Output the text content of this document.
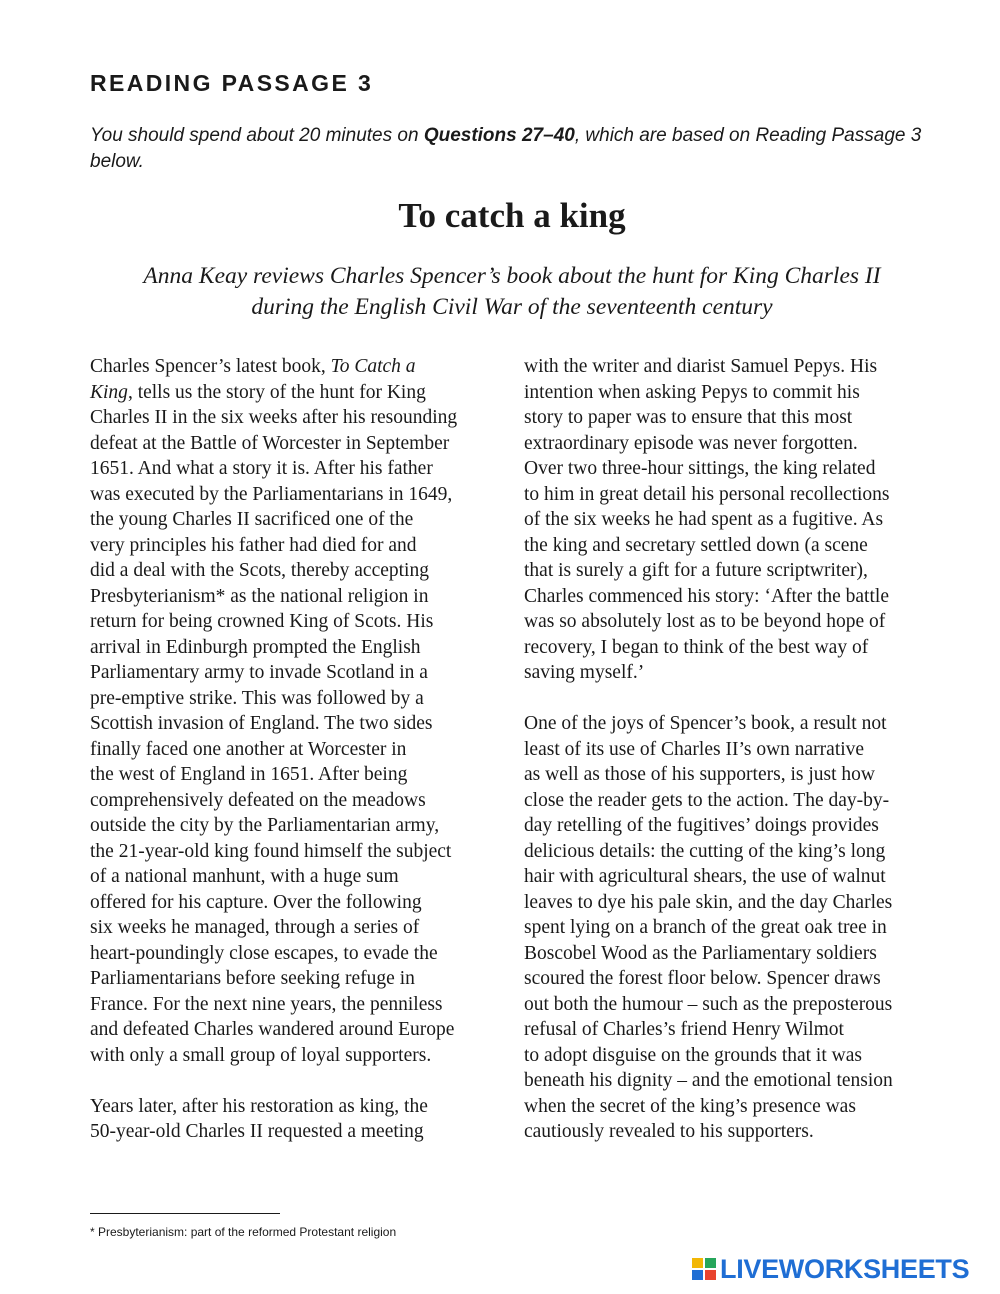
READING PASSAGE 3

You should spend about 20 minutes on Questions 27–40, which are based on Reading Passage 3 below.

To catch a king
Anna Keay reviews Charles Spencer’s book about the hunt for King Charles II
during the English Civil War of the seventeenth century
Charles Spencer’s latest book, To Catch a
King, tells us the story of the hunt for King
Charles II in the six weeks after his resounding
defeat at the Battle of Worcester in September
1651. And what a story it is. After his father
was executed by the Parliamentarians in 1649,
the young Charles II sacrificed one of the
very principles his father had died for and
did a deal with the Scots, thereby accepting
Presbyterianism* as the national religion in
return for being crowned King of Scots. His
arrival in Edinburgh prompted the English
Parliamentary army to invade Scotland in a
pre-emptive strike. This was followed by a
Scottish invasion of England. The two sides
finally faced one another at Worcester in
the west of England in 1651. After being
comprehensively defeated on the meadows
outside the city by the Parliamentarian army,
the 21-year-old king found himself the subject
of a national manhunt, with a huge sum
offered for his capture. Over the following
six weeks he managed, through a series of
heart-poundingly close escapes, to evade the
Parliamentarians before seeking refuge in
France. For the next nine years, the penniless
and defeated Charles wandered around Europe
with only a small group of loyal supporters.
Years later, after his restoration as king, the
50-year-old Charles II requested a meeting
with the writer and diarist Samuel Pepys. His
intention when asking Pepys to commit his
story to paper was to ensure that this most
extraordinary episode was never forgotten.
Over two three-hour sittings, the king related
to him in great detail his personal recollections
of the six weeks he had spent as a fugitive. As
the king and secretary settled down (a scene
that is surely a gift for a future scriptwriter),
Charles commenced his story: ‘After the battle
was so absolutely lost as to be beyond hope of
recovery, I began to think of the best way of
saving myself.’
One of the joys of Spencer’s book, a result not
least of its use of Charles II’s own narrative
as well as those of his supporters, is just how
close the reader gets to the action. The day-by-
day retelling of the fugitives’ doings provides
delicious details: the cutting of the king’s long
hair with agricultural shears, the use of walnut
leaves to dye his pale skin, and the day Charles
spent lying on a branch of the great oak tree in
Boscobel Wood as the Parliamentary soldiers
scoured the forest floor below. Spencer draws
out both the humour – such as the preposterous
refusal of Charles’s friend Henry Wilmot
to adopt disguise on the grounds that it was
beneath his dignity – and the emotional tension
when the secret of the king’s presence was
cautiously revealed to his supporters.

* Presbyterianism: part of the reformed Protestant religion

LIVEWORKSHEETS
